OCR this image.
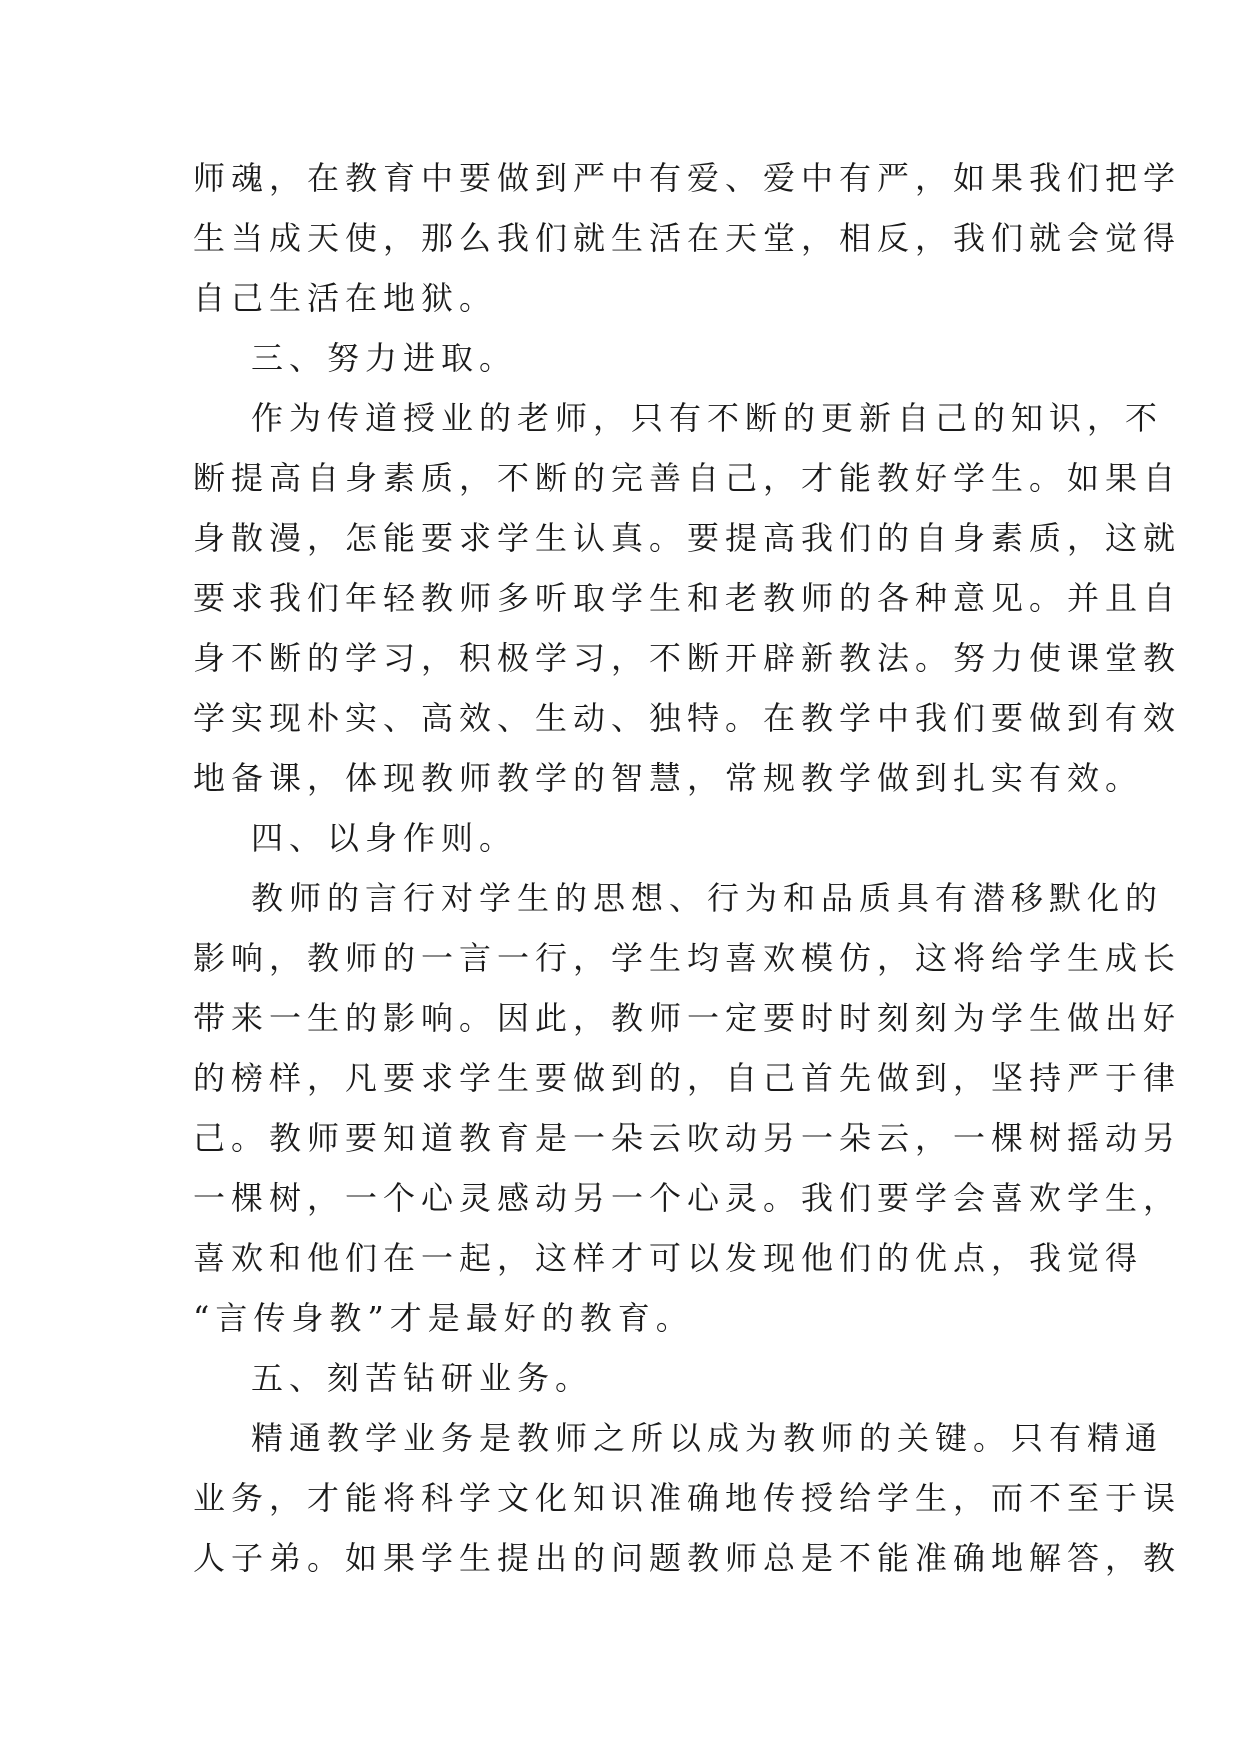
师魂，在教育中要做到严中有爱、爱中有严，如果我们把学
生当成天使，那么我们就生活在天堂，相反，我们就会觉得
自己生活在地狱。
三、努力进取。
作为传道授业的老师，只有不断的更新自己的知识，不
断提高自身素质，不断的完善自己，才能教好学生。如果自
身散漫，怎能要求学生认真。要提高我们的自身素质，这就
要求我们年轻教师多听取学生和老教师的各种意见。并且自
身不断的学习，积极学习，不断开辟新教法。努力使课堂教
学实现朴实、高效、生动、独特。在教学中我们要做到有效
地备课，体现教师教学的智慧，常规教学做到扎实有效。
四、以身作则。
教师的言行对学生的思想、行为和品质具有潜移默化的
影响，教师的一言一行，学生均喜欢模仿，这将给学生成长
带来一生的影响。因此，教师一定要时时刻刻为学生做出好
的榜样，凡要求学生要做到的，自己首先做到，坚持严于律
己。教师要知道教育是一朵云吹动另一朵云，一棵树摇动另
一棵树，一个心灵感动另一个心灵。我们要学会喜欢学生，
喜欢和他们在一起，这样才可以发现他们的优点，我觉得
“言传身教”才是最好的教育。
五、刻苦钻研业务。
精通教学业务是教师之所以成为教师的关键。只有精通
业务，才能将科学文化知识准确地传授给学生，而不至于误
人子弟。如果学生提出的问题教师总是不能准确地解答，教
